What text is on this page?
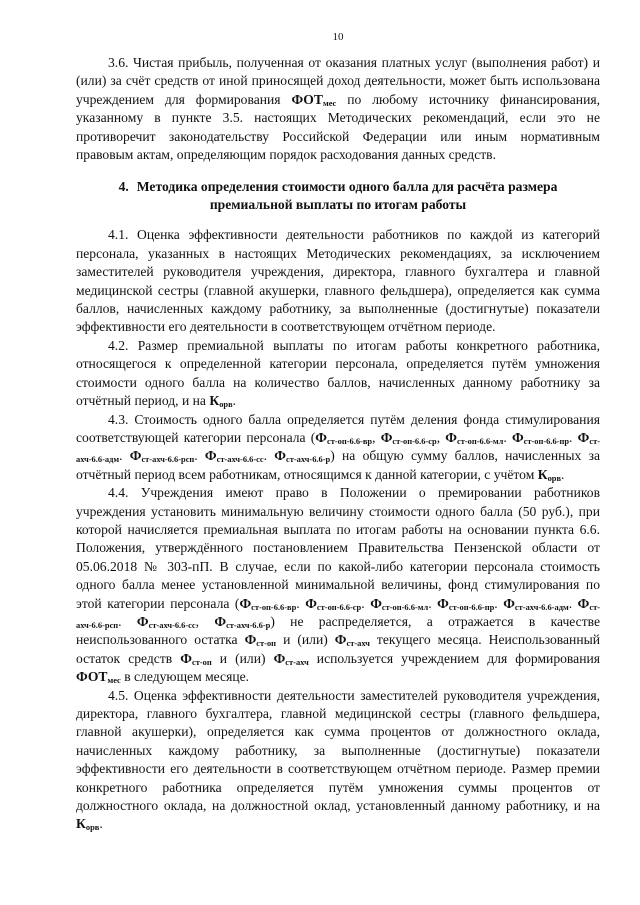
10

3.6. Чистая прибыль, полученная от оказания платных услуг (выполнения работ) и (или) за счёт средств от иной приносящей доход деятельности, может быть использована учреждением для формирования $ФОТ_{мес}$ по любому источнику финансирования, указанному в пункте 3.5. настоящих Методических рекомендаций, если это не противоречит законодательству Российской Федерации или иным нормативным правовым актам, определяющим порядок расходования данных средств.

4. Методика определения стоимости одного балла для расчёта размера премиальной выплаты по итогам работы

4.1. Оценка эффективности деятельности работников по каждой из категорий персонала, указанных в настоящих Методических рекомендациях, за исключением заместителей руководителя учреждения, директора, главного бухгалтера и главной медицинской сестры (главной акушерки, главного фельдшера), определяется как сумма баллов, начисленных каждому работнику, за выполненные (достигнутые) показатели эффективности его деятельности в соответствующем отчётном периоде.

4.2. Размер премиальной выплаты по итогам работы конкретного работника, относящегося к определенной категории персонала, определяется путём умножения стоимости одного балла на количество баллов, начисленных данному работнику за отчётный период, и на $К_{орв}$.

4.3. Стоимость одного балла определяется путём деления фонда стимулирования соответствующей категории персонала ($Ф_{ст-оп-6.6-вр}$, $Ф_{ст-оп-6.6-ср}$, $Ф_{ст-оп-6.6-мл}$. $Ф_{ст-оп-6.6-пр}$. $Ф_{ст-ахч-6.6-адм}$. $Ф_{ст-ахч-6.6-рсп}$. $Ф_{ст-ахч-6.6-сс}$. $Ф_{ст-ахч-6.6-р}$) на общую сумму баллов, начисленных за отчётный период всем работникам, относящимся к данной категории, с учётом $К_{орв}$.

4.4. Учреждения имеют право в Положении о премировании работников учреждения установить минимальную величину стоимости одного балла (50 руб.), при которой начисляется премиальная выплата по итогам работы на основании пункта 6.6. Положения, утверждённого постановлением Правительства Пензенской области от 05.06.2018 № 303-пП. В случае, если по какой-либо категории персонала стоимость одного балла менее установленной минимальной величины, фонд стимулирования по этой категории персонала ($Ф_{ст-оп-6.6-вр}$. $Ф_{ст-оп-6.6-ср}$. $Ф_{ст-оп-6.6-мл}$. $Ф_{ст-оп-6.6-пр}$. $Ф_{ст-ахч-6.6-адм}$. $Ф_{ст-ахч-6.6-рсп}$. $Ф_{ст-ахч-6.6-сс}$, $Ф_{ст-ахч-6.6-р}$) не распределяется, а отражается в качестве неиспользованного остатка $Ф_{ст-оп}$ и (или) $Ф_{ст-ахч}$ текущего месяца. Неиспользованный остаток средств $Ф_{ст-оп}$ и (или) $Ф_{ст-ахч}$ используется учреждением для формирования $ФОТ_{мес}$ в следующем месяце.

4.5. Оценка эффективности деятельности заместителей руководителя учреждения, директора, главного бухгалтера, главной медицинской сестры (главного фельдшера, главной акушерки), определяется как сумма процентов от должностного оклада, начисленных каждому работнику, за выполненные (достигнутые) показатели эффективности его деятельности в соответствующем отчётном периоде. Размер премии конкретного работника определяется путём умножения суммы процентов от должностного оклада, на должностной оклад, установленный данному работнику, и на $К_{орв}$.
